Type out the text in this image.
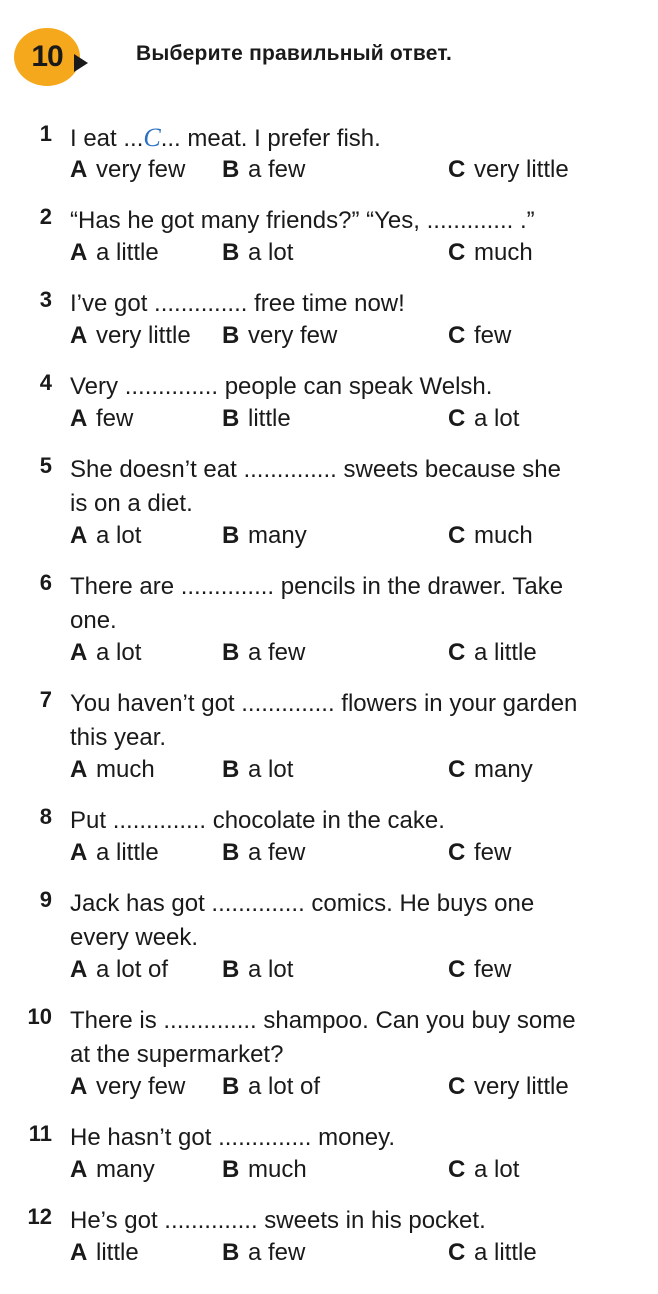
10	Выберите правильный ответ.
1 I eat ...C... meat. I prefer fish.
A very few B a few	C very little
2 “Has he got many friends?” “Yes, ............. .”
A a little	B a lot	C much
3 I’ve got .............. free time now!
A very little B very few	C few
4 Very .............. people can speak Welsh.
A few	B little	C a lot
5 She doesn’t eat .............. sweets because she
is on a diet.
A a lot	B many	C much
6 There are .............. pencils in the drawer. Take
one.
A a lot	B a few	C a little
7 You haven’t got .............. flowers in your garden
this year.
A much	B a lot	C many
8 Put .............. chocolate in the cake.
A a little	B a few	C few
9 Jack has got .............. comics. He buys one
every week.
A a lot of B a lot	C few
10 There is .............. shampoo. Can you buy some
at the supermarket?
A very few B a lot of	C very little
11 He hasn’t got .............. money.
A many	B much	C a lot
12 He’s got .............. sweets in his pocket.
A little	B a few	C a little
